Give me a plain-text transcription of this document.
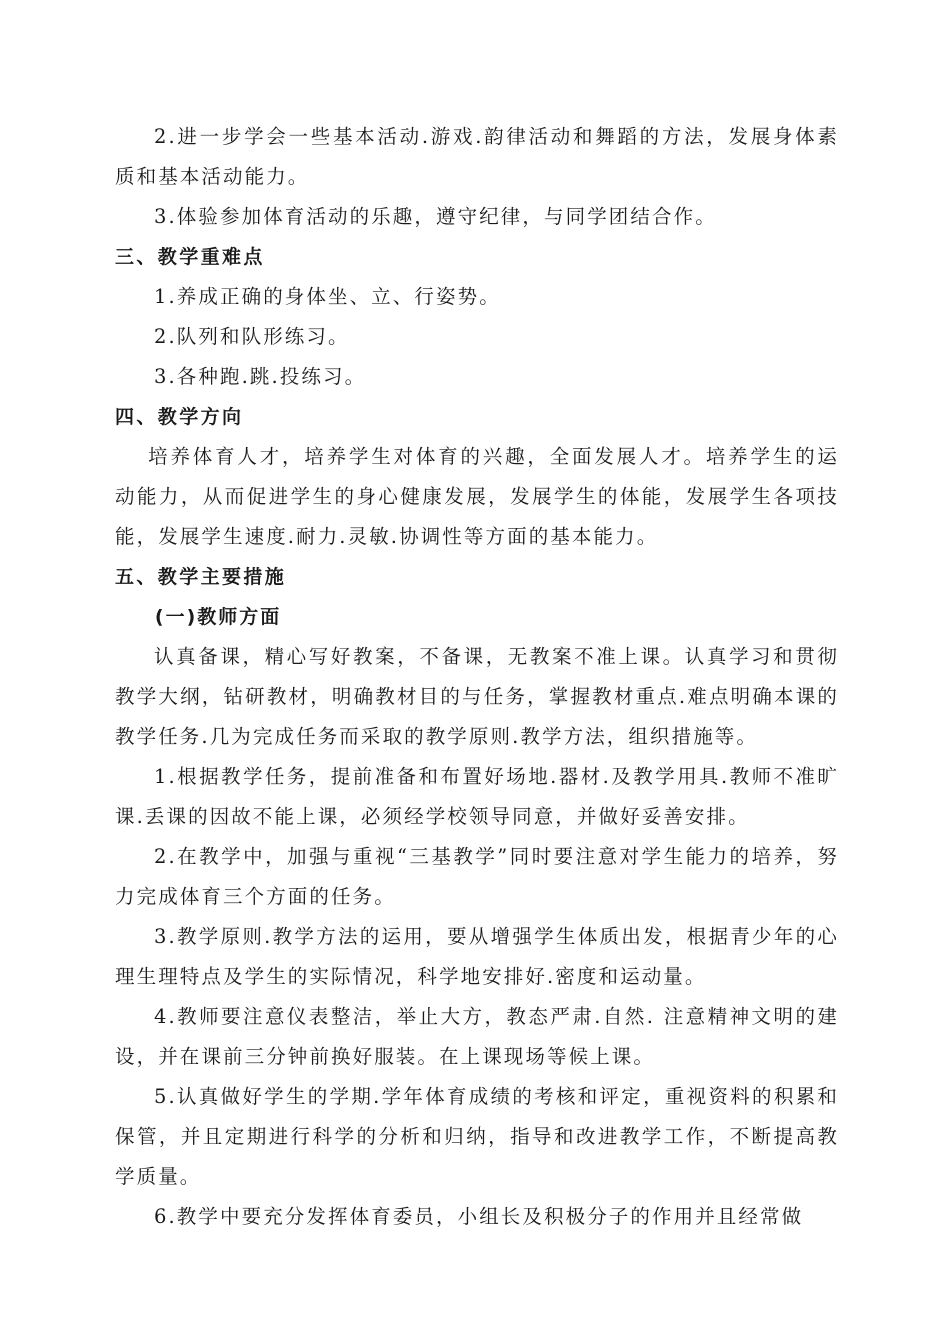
2.进一步学会一些基本活动.游戏.韵律活动和舞蹈的方法，发展身体素质和基本活动能力。

3.体验参加体育活动的乐趣，遵守纪律，与同学团结合作。

三、教学重难点

1.养成正确的身体坐、立、行姿势。

2.队列和队形练习。

3.各种跑.跳.投练习。

四、教学方向

培养体育人才，培养学生对体育的兴趣，全面发展人才。培养学生的运动能力，从而促进学生的身心健康发展，发展学生的体能，发展学生各项技能，发展学生速度.耐力.灵敏.协调性等方面的基本能力。

五、教学主要措施

(一)教师方面

认真备课，精心写好教案，不备课，无教案不准上课。认真学习和贯彻教学大纲，钻研教材，明确教材目的与任务，掌握教材重点.难点明确本课的教学任务.几为完成任务而采取的教学原则.教学方法，组织措施等。

1.根据教学任务，提前准备和布置好场地.器材.及教学用具.教师不准旷课.丢课的因故不能上课，必须经学校领导同意，并做好妥善安排。

2.在教学中，加强与重视“三基教学”同时要注意对学生能力的培养，努力完成体育三个方面的任务。

3.教学原则.教学方法的运用，要从增强学生体质出发，根据青少年的心理生理特点及学生的实际情况，科学地安排好.密度和运动量。

4.教师要注意仪表整洁，举止大方，教态严肃.自然. 注意精神文明的建设，并在课前三分钟前换好服装。在上课现场等候上课。

5.认真做好学生的学期.学年体育成绩的考核和评定，重视资料的积累和保管，并且定期进行科学的分析和归纳，指导和改进教学工作，不断提高教学质量。

6.教学中要充分发挥体育委员，小组长及积极分子的作用并且经常做
